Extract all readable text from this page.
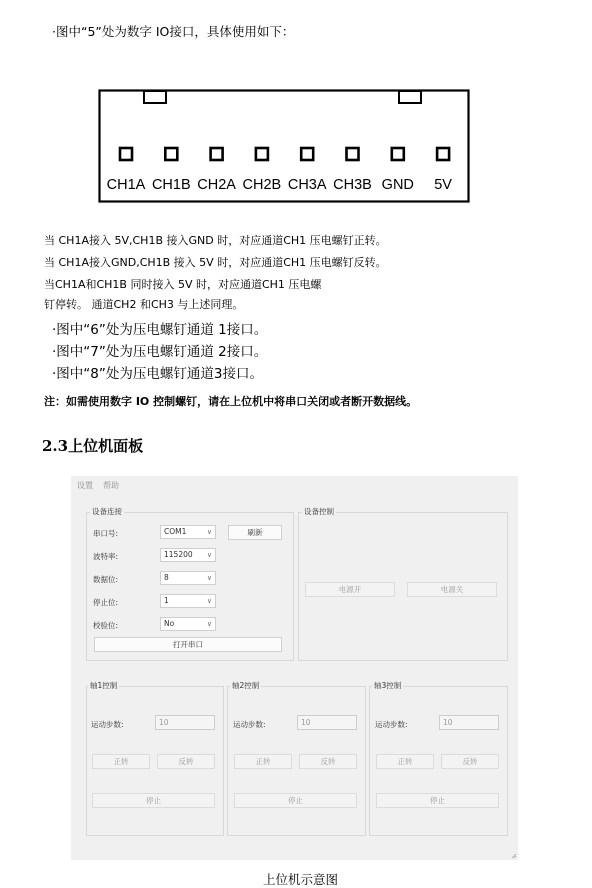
·图中“5”处为数字 IO接口，具体使用如下：
CH1A CH1B CH2A CH2B CH3A CH3B GND 5V
当 CH1A接入 5V,CH1B 接入GND 时，对应通道CH1 压电螺钉正转。
当 CH1A接入GND,CH1B 接入 5V 时，对应通道CH1 压电螺钉反转。
当CH1A和CH1B 同时接入 5V 时，对应通道CH1 压电螺
钉停转。 通道CH2 和CH3 与上述同理。
·图中“6”处为压电螺钉通道 1接口。
·图中“7”处为压电螺钉通道 2接口。
·图中“8”处为压电螺钉通道3接口。
注：如需使用数字 IO 控制螺钉，请在上位机中将串口关闭或者断开数据线。
2.3上位机面板
设置 帮助
设备连接
串口号:	COM1	∨	刷新
波特率:	115200 ∨
数据位:	8	∨
停止位:	1	∨
校验位:	No	∨
打开串口
设备控制
电源开	电源关
轴1控制
运动步数:	10
正转	反转
停止
轴2控制
运动步数:	10
正转	反转
停止
轴3控制
运动步数:	10
正转	反转
停止
上位机示意图
